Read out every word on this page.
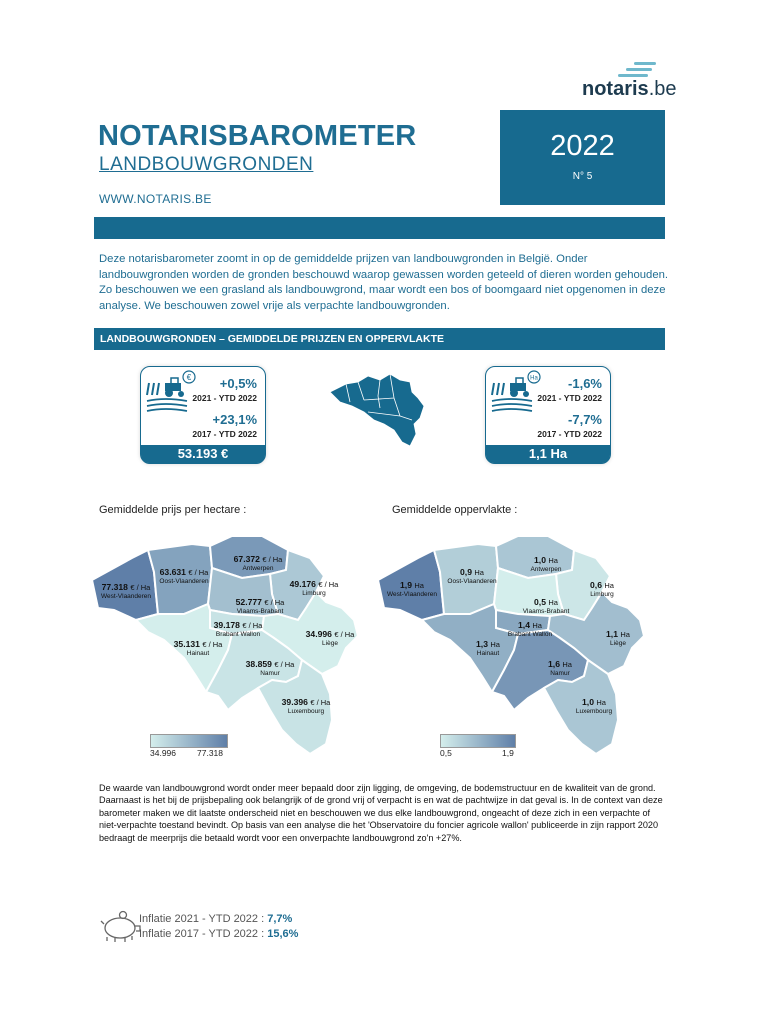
notaris.be
NOTARISBAROMETER
LANDBOUWGRONDEN
WWW.NOTARIS.BE
2022
N° 5
Deze notarisbarometer zoomt in op de gemiddelde prijzen van landbouwgronden in België. Onder landbouwgronden worden de gronden beschouwd waarop gewassen worden geteeld of dieren worden gehouden. Zo beschouwen we een grasland als landbouwgrond, maar wordt een bos of boomgaard niet opgenomen in deze analyse. We beschouwen zowel vrije als verpachte landbouwgronden.
LANDBOUWGRONDEN – GEMIDDELDE PRIJZEN EN OPPERVLAKTE
€ +0,5%
2021 - YTD 2022
+23,1%
2017 - YTD 2022
53.193 €
Ha -1,6%
2021 - YTD 2022
-7,7%
2017 - YTD 2022
1,1 Ha
Gemiddelde prijs per hectare :	Gemiddelde oppervlakte :
77.318 € / Ha
West-Vlaanderen
63.631 € / Ha
Oost-Vlaanderen
67.372 € / Ha
Antwerpen
49.176 € / Ha
Limburg
52.777 € / Ha
Vlaams-Brabant
39.178 € / Ha
Brabant Wallon
35.131 € / Ha
Hainaut
34.996 € / Ha
Liège
38.859 € / Ha
Namur
39.396 € / Ha
Luxembourg
34.996 77.318
1,9 Ha
West-Vlaanderen
0,9 Ha
Oost-Vlaanderen
1,0 Ha
Antwerpen
0,6 Ha
Limburg
0,5 Ha
Vlaams-Brabant
1,4 Ha
Brabant Wallon
1,3 Ha
Hainaut
1,1 Ha
Liège
1,6 Ha
Namur
1,0 Ha
Luxembourg
0,5	1,9
De waarde van landbouwgrond wordt onder meer bepaald door zijn ligging, de omgeving, de bodemstructuur en de kwaliteit van de grond. Daarnaast is het bij de prijsbepaling ook belangrijk of de grond vrij of verpacht is en wat de pachtwijze in dat geval is. In de context van deze barometer maken we dit laatste onderscheid niet en beschouwen we dus elke landbouwgrond, ongeacht of deze zich in een verpachte of niet-verpachte toestand bevindt. Op basis van een analyse die het 'Observatoire du foncier agricole wallon' publiceerde in zijn rapport 2020 bedraagt de meerprijs die betaald wordt voor een onverpachte landbouwgrond zo'n +27%.
Inflatie 2021 - YTD 2022 : 7,7%
Inflatie 2017 - YTD 2022 : 15,6%
